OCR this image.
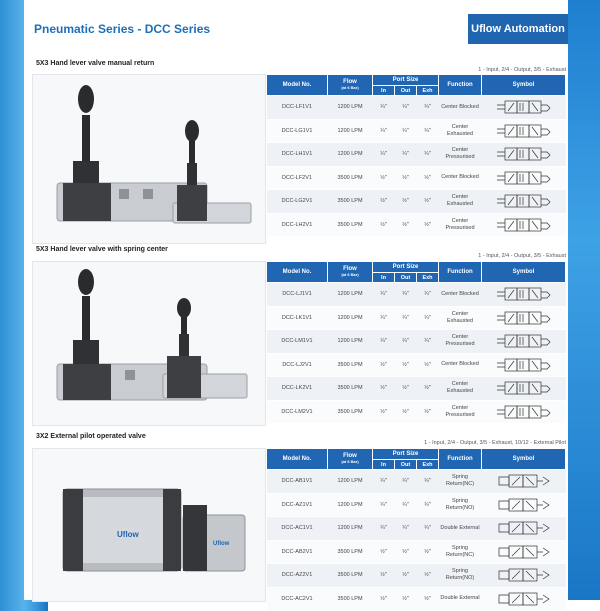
Pneumatic Series - DCC Series	Uflow Automation
5X3 Hand lever valve manual return
1 - Input, 2/4 - Output, 3/5 - Exhaust
Model No.	Flow
(at 6 Bar)	Port Size			Function	Symbol
		In	Out	Exh		
DCC-LF1V1	1200 LPM	¼"	¼"	¼"	Center Blocked	

DCC-LG1V1	1200 LPM	¼"	¼"	¼"	Center Exhausted	

DCC-LH1V1	1200 LPM	¼"	¼"	¼"	Center Pressurised	

DCC-LF2V1	3500 LPM	½"	½"	½"	Center Blocked	

DCC-LG2V1	3500 LPM	½"	½"	½"	Center Exhausted	

DCC-LH2V1	3500 LPM	½"	½"	½"	Center Pressurised	
5X3 Hand lever valve with spring center
1 - Input, 2/4 - Output, 3/5 - Exhaust
Model No.	Flow
(at 6 Bar)	Port Size			Function	Symbol
		In	Out	Exh		
DCC-LJ1V1	1200 LPM	¼"	¼"	¼"	Center Blocked	

DCC-LK1V1	1200 LPM	¼"	¼"	¼"	Center Exhausted	

DCC-LM1V1	1200 LPM	¼"	¼"	¼"	Center Pressurised	

DCC-LJ2V1	3500 LPM	½"	½"	½"	Center Blocked	

DCC-LK2V1	3500 LPM	½"	½"	½"	Center Exhausted	

DCC-LM2V1	3500 LPM	½"	½"	½"	Center Pressurised	
3X2 External pilot operated valve
1 - Input, 2/4 - Output, 3/5 - Exhaust, 10/12 - External Pilot
Uflow
Uflow
Model No.	Flow
(at 6 Bar)	Port Size			Function	Symbol
		In	Out	Exh		
DCC-AB1V1	1200 LPM	¼"	¼"	¼"	Spring Return(NC)	

DCC-AZ1V1	1200 LPM	¼"	¼"	¼"	Spring Return(NO)	

DCC-AC1V1	1200 LPM	¼"	¼"	¼"	Double External	

DCC-AB2V1	3500 LPM	½"	½"	½"	Spring Return(NC)	

DCC-AZ2V1	3500 LPM	½"	½"	½"	Spring Return(NO)	

DCC-AC2V1	3500 LPM	½"	½"	½"	Double External	
